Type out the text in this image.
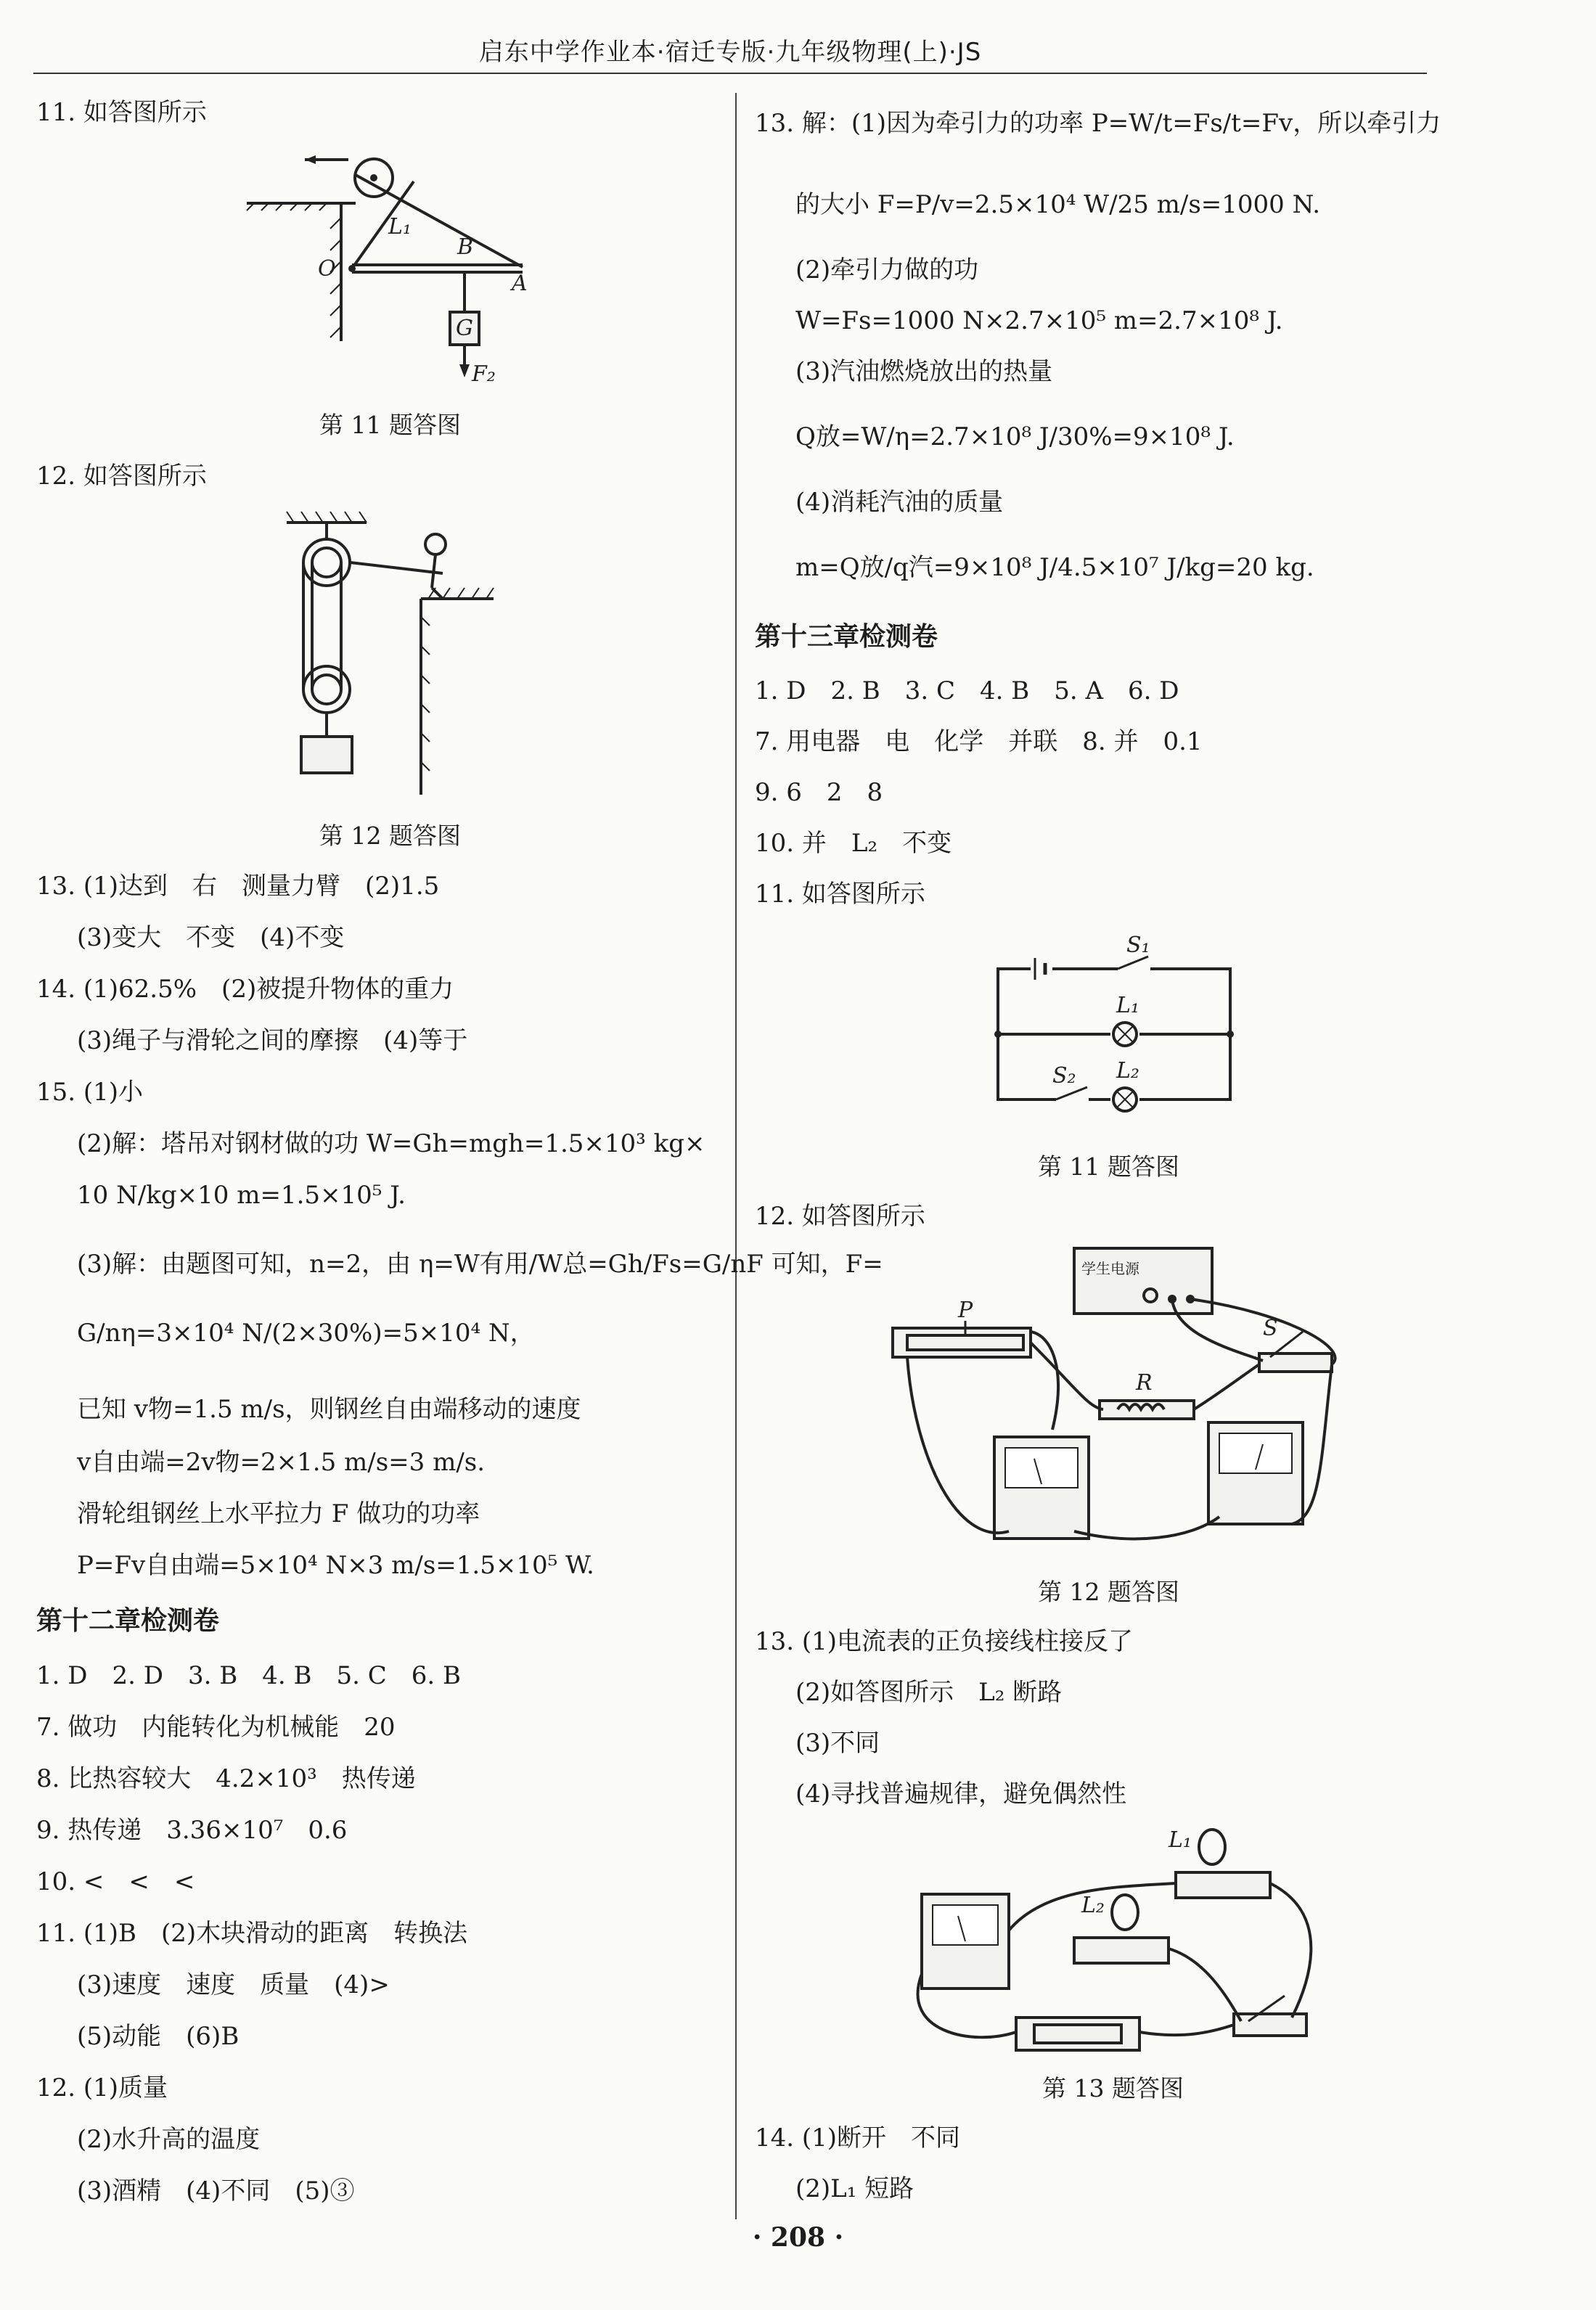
启东中学作业本·宿迁专版·九年级物理(上)·JS
11. 如答图所示
L₁
O
B
A
G
F₂
第 11 题答图
12. 如答图所示
第 12 题答图
13. (1)达到　右　测量力臂　(2)1.5
(3)变大　不变　(4)不变
14. (1)62.5%　(2)被提升物体的重力
(3)绳子与滑轮之间的摩擦　(4)等于
15. (1)小
(2)解：塔吊对钢材做的功 W=Gh=mgh=1.5×10³ kg×
10 N/kg×10 m=1.5×10⁵ J.
(3)解：由题图可知，n=2，由 η=W有用/W总=Gh/Fs=G/nF 可知，F=
G/nη=3×10⁴ N/(2×30%)=5×10⁴ N，
已知 v物=1.5 m/s，则钢丝自由端移动的速度
v自由端=2v物=2×1.5 m/s=3 m/s.
滑轮组钢丝上水平拉力 F 做功的功率
P=Fv自由端=5×10⁴ N×3 m/s=1.5×10⁵ W.
第十二章检测卷
1. D　2. D　3. B　4. B　5. C　6. B
7. 做功　内能转化为机械能　20
8. 比热容较大　4.2×10³　热传递
9. 热传递　3.36×10⁷　0.6
10. <　<　<
11. (1)B　(2)木块滑动的距离　转换法
(3)速度　速度　质量　(4)>
(5)动能　(6)B
12. (1)质量
(2)水升高的温度
(3)酒精　(4)不同　(5)③
13. 解：(1)因为牵引力的功率 P=W/t=Fs/t=Fv，所以牵引力
的大小 F=P/v=2.5×10⁴ W/25 m/s=1000 N.
(2)牵引力做的功
W=Fs=1000 N×2.7×10⁵ m=2.7×10⁸ J.
(3)汽油燃烧放出的热量
Q放=W/η=2.7×10⁸ J/30%=9×10⁸ J.
(4)消耗汽油的质量
m=Q放/q汽=9×10⁸ J/4.5×10⁷ J/kg=20 kg.
第十三章检测卷
1. D　2. B　3. C　4. B　5. A　6. D
7. 用电器　电　化学　并联　8. 并　0.1
9. 6　2　8
10. 并　L₂　不变
11. 如答图所示
S₁
L₁
S₂ L₂
第 11 题答图
12. 如答图所示
学生电源
P
R
S
第 12 题答图
13. (1)电流表的正负接线柱接反了
(2)如答图所示　L₂ 断路
(3)不同
(4)寻找普遍规律，避免偶然性
L₂
L₁
第 13 题答图
14. (1)断开　不同
(2)L₁ 短路
· 208 ·
